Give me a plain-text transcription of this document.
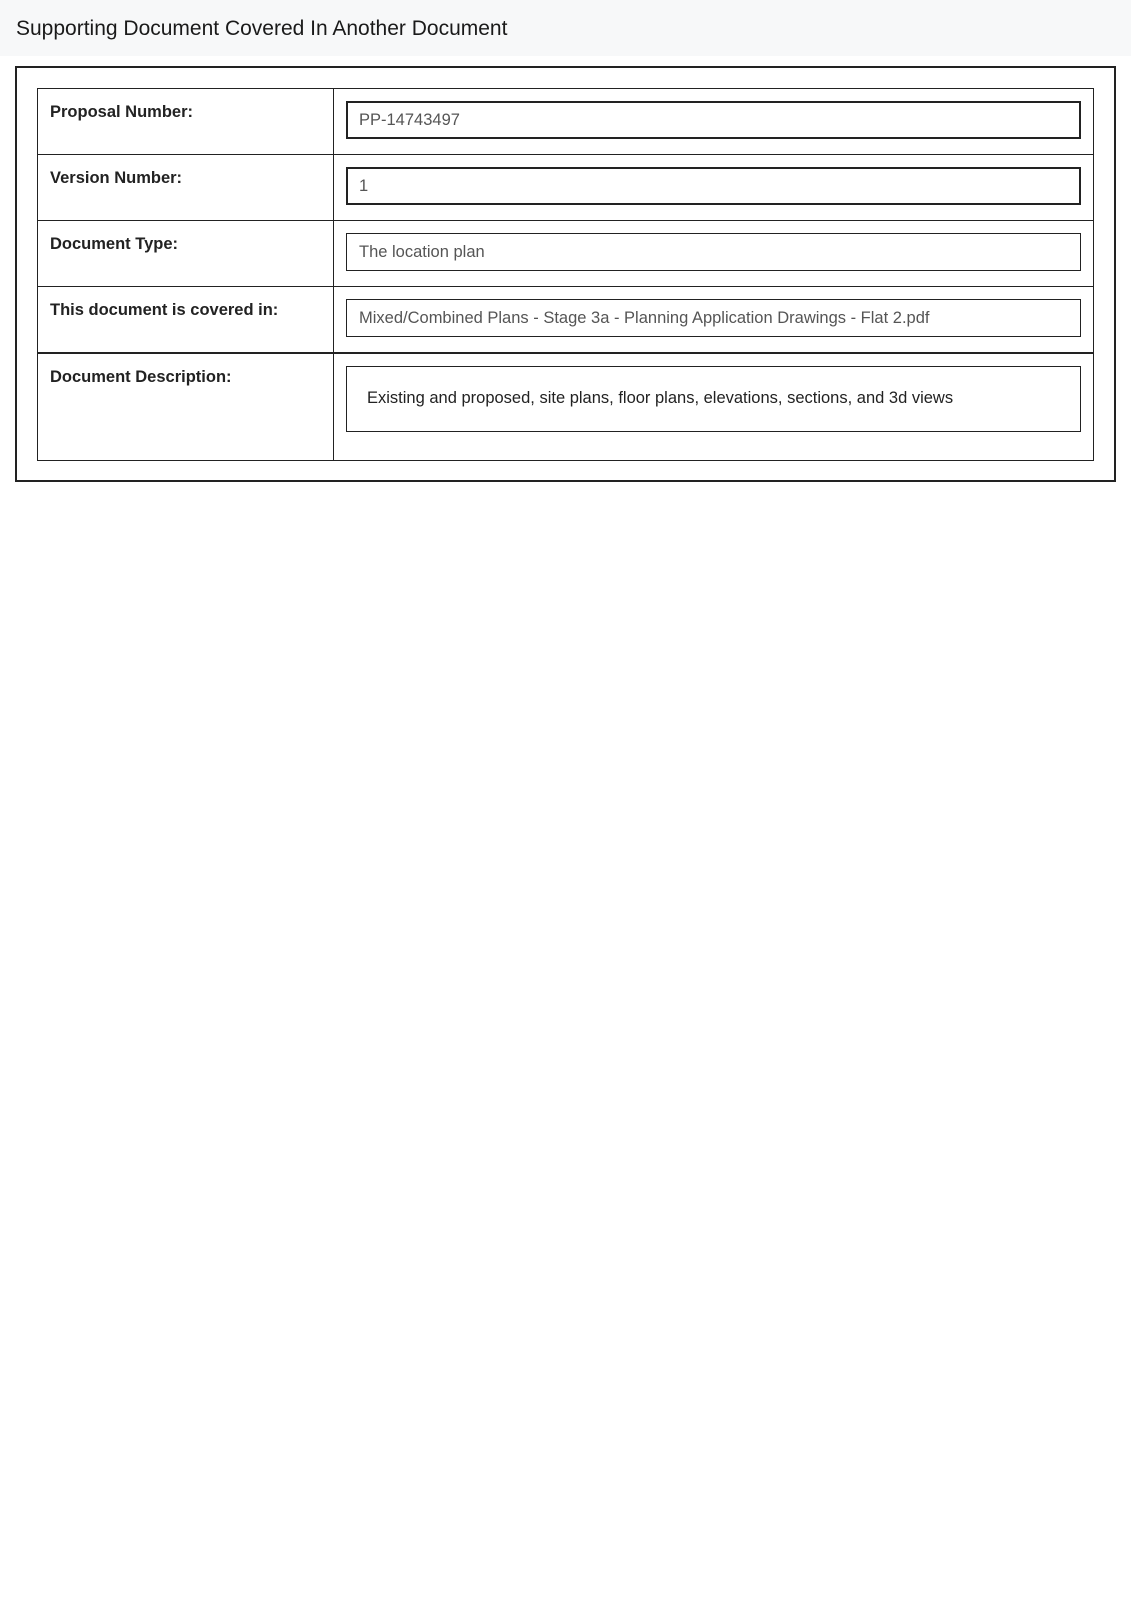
Supporting Document Covered In Another Document
Proposal Number:	PP-14743497

Version Number:	1

Document Type:	The location plan

This document is covered in:	Mixed/Combined Plans - Stage 3a - Planning Application Drawings - Flat 2.pdf

Document Description:	Existing and proposed, site plans, floor plans, elevations, sections, and 3d views
